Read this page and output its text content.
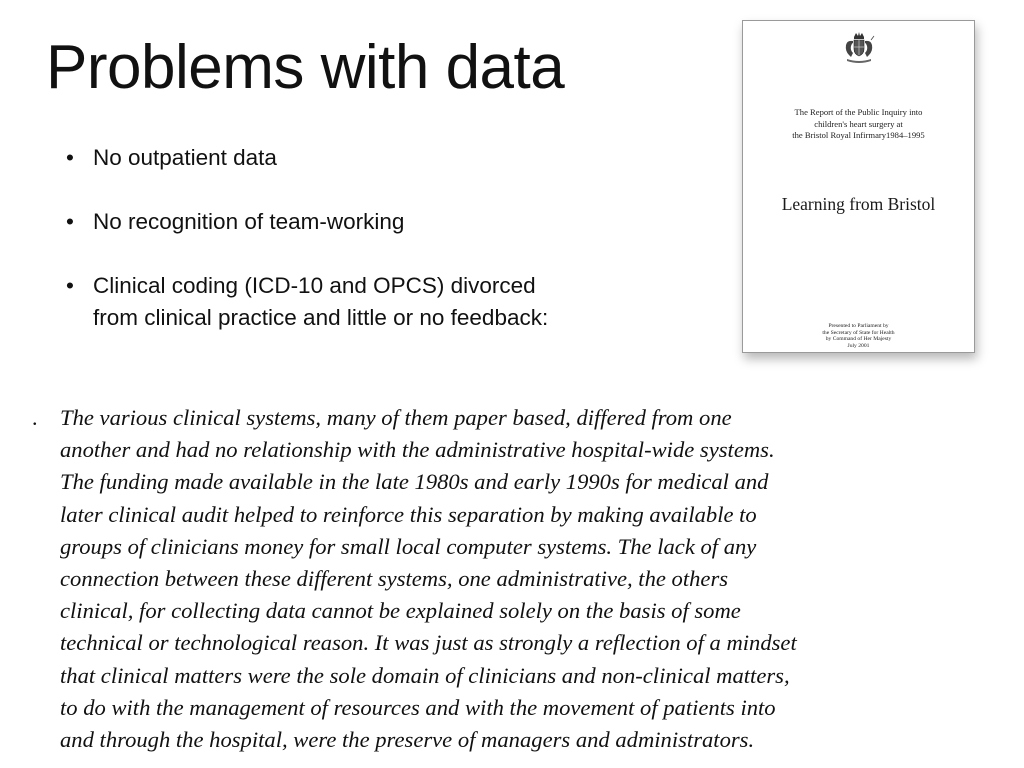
Problems with data
• No outpatient data
• No recognition of team-working
• Clinical coding (ICD-10 and OPCS) divorced
from clinical practice and little or no feedback:
The Report of the Public Inquiry into
children's heart surgery at
the Bristol Royal Infirmary1984–1995
Learning from Bristol
Presented to Parliament by
the Secretary of State for Health
by Command of Her Majesty
July 2001
. The various clinical systems, many of them paper based, differed from one
another and had no relationship with the administrative hospital-wide systems.
The funding made available in the late 1980s and early 1990s for medical and
later clinical audit helped to reinforce this separation by making available to
groups of clinicians money for small local computer systems. The lack of any
connection between these different systems, one administrative, the others
clinical, for collecting data cannot be explained solely on the basis of some
technical or technological reason. It was just as strongly a reflection of a mindset
that clinical matters were the sole domain of clinicians and non-clinical matters,
to do with the management of resources and with the movement of patients into
and through the hospital, were the preserve of managers and administrators.
